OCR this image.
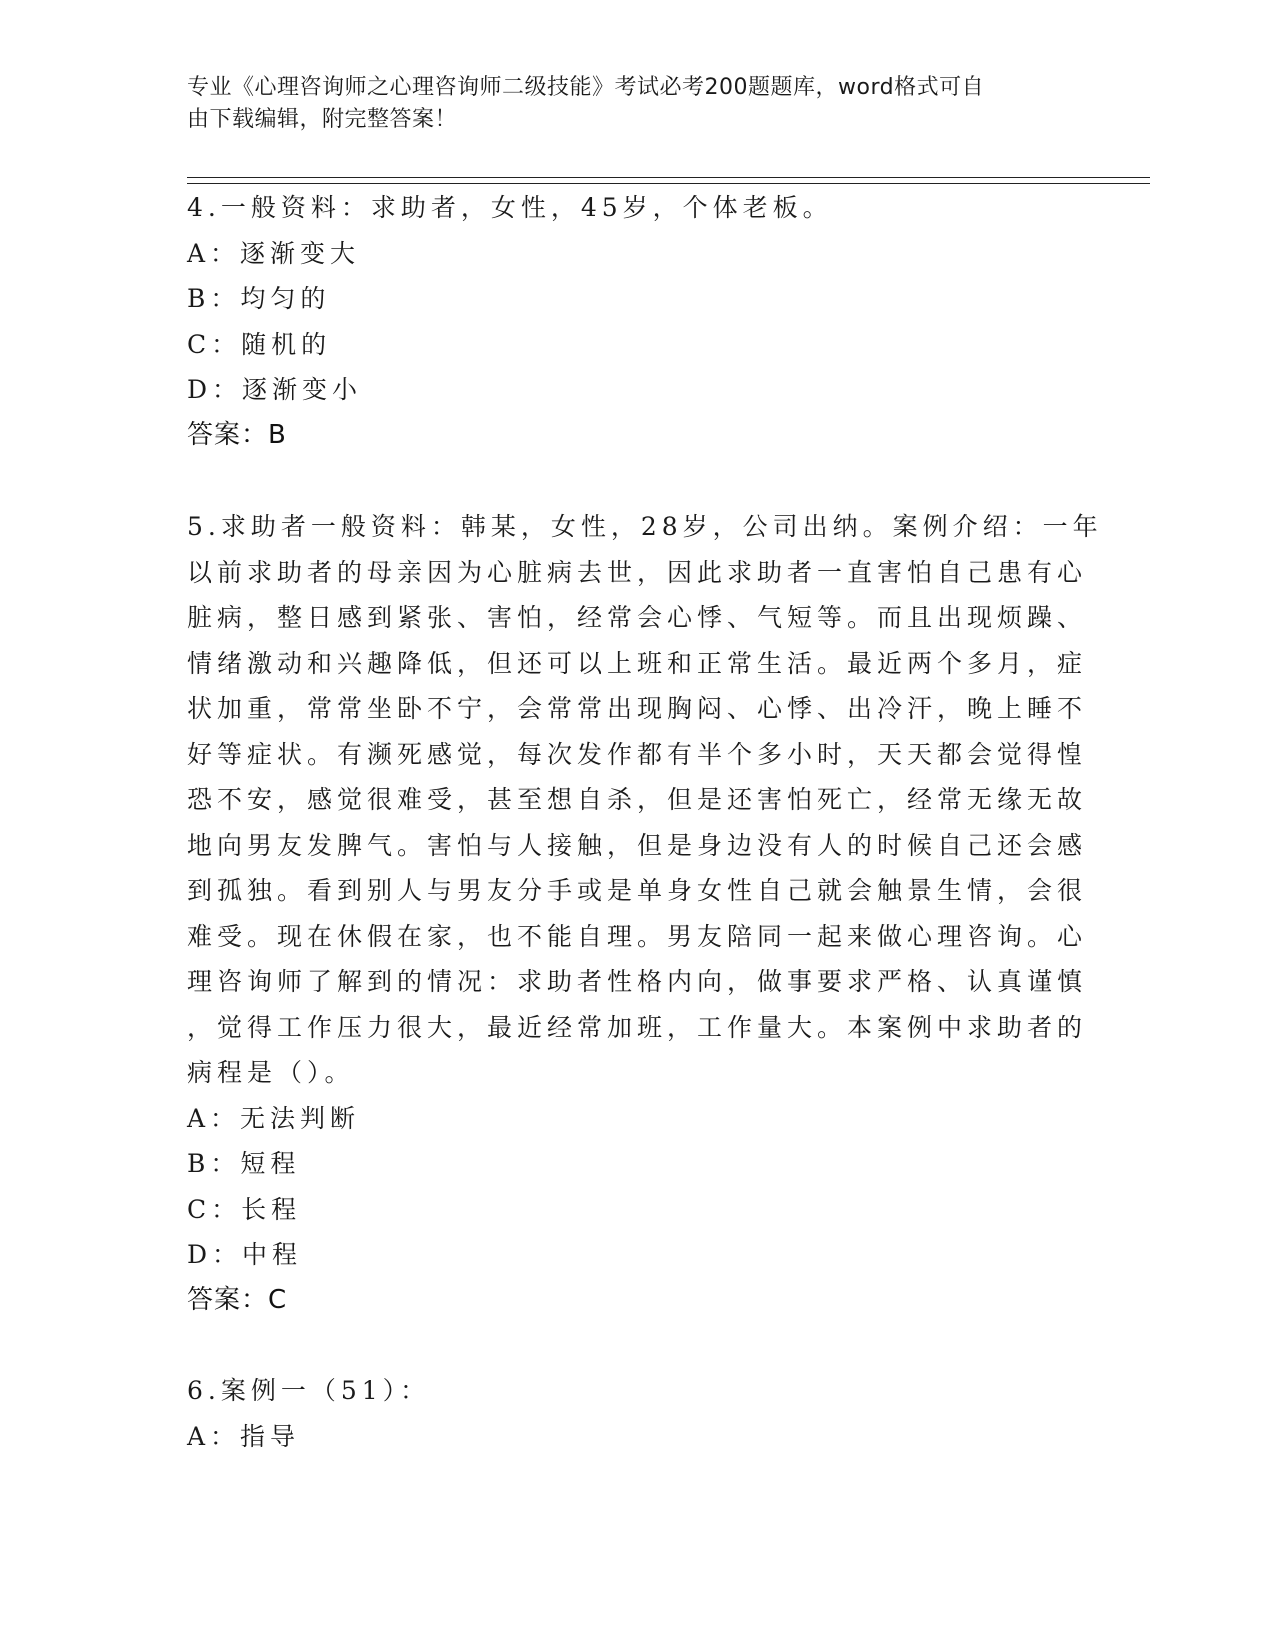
专业《心理咨询师之心理咨询师二级技能》考试必考200题题库，word格式可自
由下载编辑，附完整答案！
4.一般资料：求助者，女性，45岁，个体老板。
A：逐渐变大
B：均匀的
C：随机的
D：逐渐变小
答案：B
5.求助者一般资料：韩某，女性，28岁，公司出纳。案例介绍：一年
以前求助者的母亲因为心脏病去世，因此求助者一直害怕自己患有心
脏病，整日感到紧张、害怕，经常会心悸、气短等。而且出现烦躁、
情绪激动和兴趣降低，但还可以上班和正常生活。最近两个多月，症
状加重，常常坐卧不宁，会常常出现胸闷、心悸、出冷汗，晚上睡不
好等症状。有濒死感觉，每次发作都有半个多小时，天天都会觉得惶
恐不安，感觉很难受，甚至想自杀，但是还害怕死亡，经常无缘无故
地向男友发脾气。害怕与人接触，但是身边没有人的时候自己还会感
到孤独。看到别人与男友分手或是单身女性自己就会触景生情，会很
难受。现在休假在家，也不能自理。男友陪同一起来做心理咨询。心
理咨询师了解到的情况：求助者性格内向，做事要求严格、认真谨慎
，觉得工作压力很大，最近经常加班，工作量大。本案例中求助者的
病程是（）。
A：无法判断
B：短程
C：长程
D：中程
答案：C
6.案例一（51）：
A：指导
